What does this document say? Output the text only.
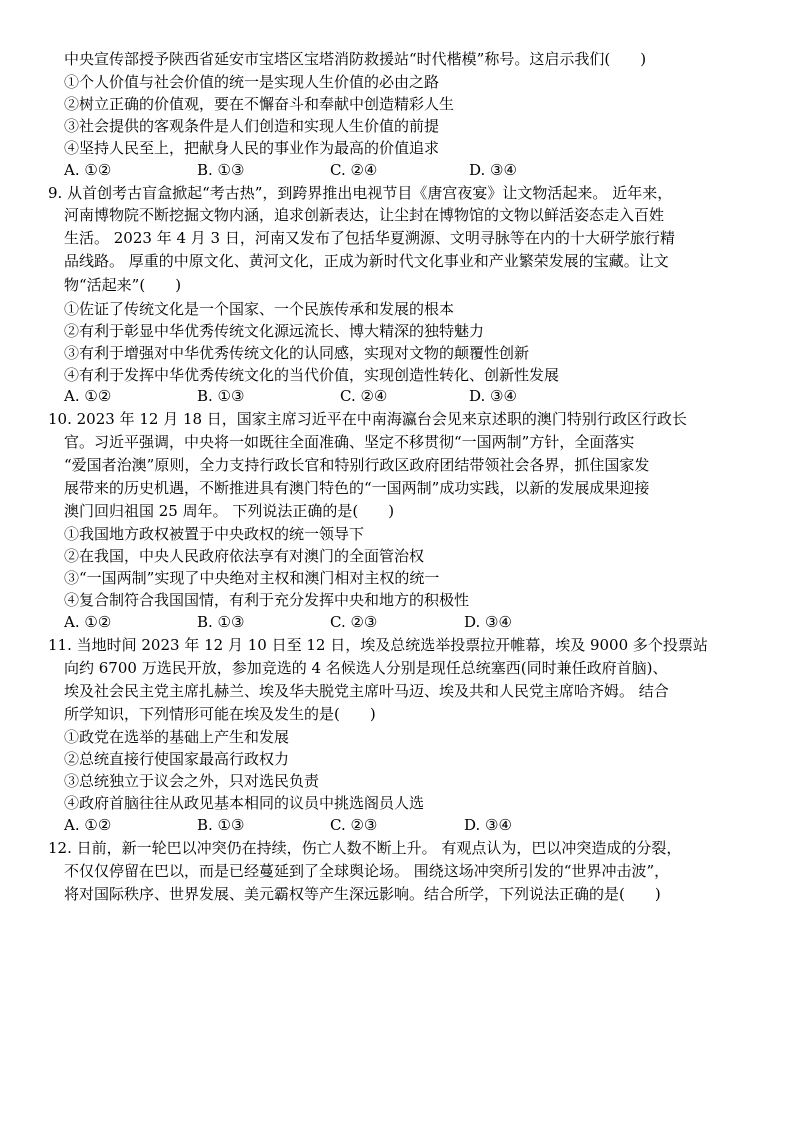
中央宣传部授予陕西省延安市宝塔区宝塔消防救援站“时代楷模”称号。这启示我们(　　)
①个人价值与社会价值的统一是实现人生价值的必由之路
②树立正确的价值观，要在不懈奋斗和奉献中创造精彩人生
③社会提供的客观条件是人们创造和实现人生价值的前提
④坚持人民至上，把献身人民的事业作为最高的价值追求
A. ①②	B. ①③	C. ②④	D. ③④
9. 从首创考古盲盒掀起“考古热”，到跨界推出电视节目《唐宫夜宴》让文物活起来。 近年来，
河南博物院不断挖掘文物内涵，追求创新表达，让尘封在博物馆的文物以鲜活姿态走入百姓
生活。 2023 年 4 月 3 日，河南又发布了包括华夏溯源、文明寻脉等在内的十大研学旅行精
品线路。 厚重的中原文化、黄河文化，正成为新时代文化事业和产业繁荣发展的宝藏。让文
物“活起来”(　　)
①佐证了传统文化是一个国家、一个民族传承和发展的根本
②有利于彰显中华优秀传统文化源远流长、博大精深的独特魅力
③有利于增强对中华优秀传统文化的认同感，实现对文物的颠覆性创新
④有利于发挥中华优秀传统文化的当代价值，实现创造性转化、创新性发展
A. ①②	B. ①③	C. ②④	D. ③④
10. 2023 年 12 月 18 日，国家主席习近平在中南海瀛台会见来京述职的澳门特别行政区行政长
官。习近平强调，中央将一如既往全面准确、坚定不移贯彻“一国两制”方针，全面落实
“爱国者治澳”原则，全力支持行政长官和特别行政区政府团结带领社会各界，抓住国家发
展带来的历史机遇，不断推进具有澳门特色的“一国两制”成功实践，以新的发展成果迎接
澳门回归祖国 25 周年。 下列说法正确的是(　　)
①我国地方政权被置于中央政权的统一领导下
②在我国，中央人民政府依法享有对澳门的全面管治权
③“一国两制”实现了中央绝对主权和澳门相对主权的统一
④复合制符合我国国情，有利于充分发挥中央和地方的积极性
A. ①②	B. ①③	C. ②③	D. ③④
11. 当地时间 2023 年 12 月 10 日至 12 日，埃及总统选举投票拉开帷幕，埃及 9000 多个投票站
向约 6700 万选民开放，参加竞选的 4 名候选人分别是现任总统塞西(同时兼任政府首脑)、
埃及社会民主党主席扎赫兰、埃及华夫脱党主席叶马迈、埃及共和人民党主席哈齐姆。 结合
所学知识，下列情形可能在埃及发生的是(　　)
①政党在选举的基础上产生和发展
②总统直接行使国家最高行政权力
③总统独立于议会之外，只对选民负责
④政府首脑往往从政见基本相同的议员中挑选阁员人选
A. ①②	B. ①③	C. ②③	D. ③④
12. 日前，新一轮巴以冲突仍在持续，伤亡人数不断上升。 有观点认为，巴以冲突造成的分裂，
不仅仅停留在巴以，而是已经蔓延到了全球舆论场。 围绕这场冲突所引发的“世界冲击波”，
将对国际秩序、世界发展、美元霸权等产生深远影响。结合所学，下列说法正确的是(　　)
